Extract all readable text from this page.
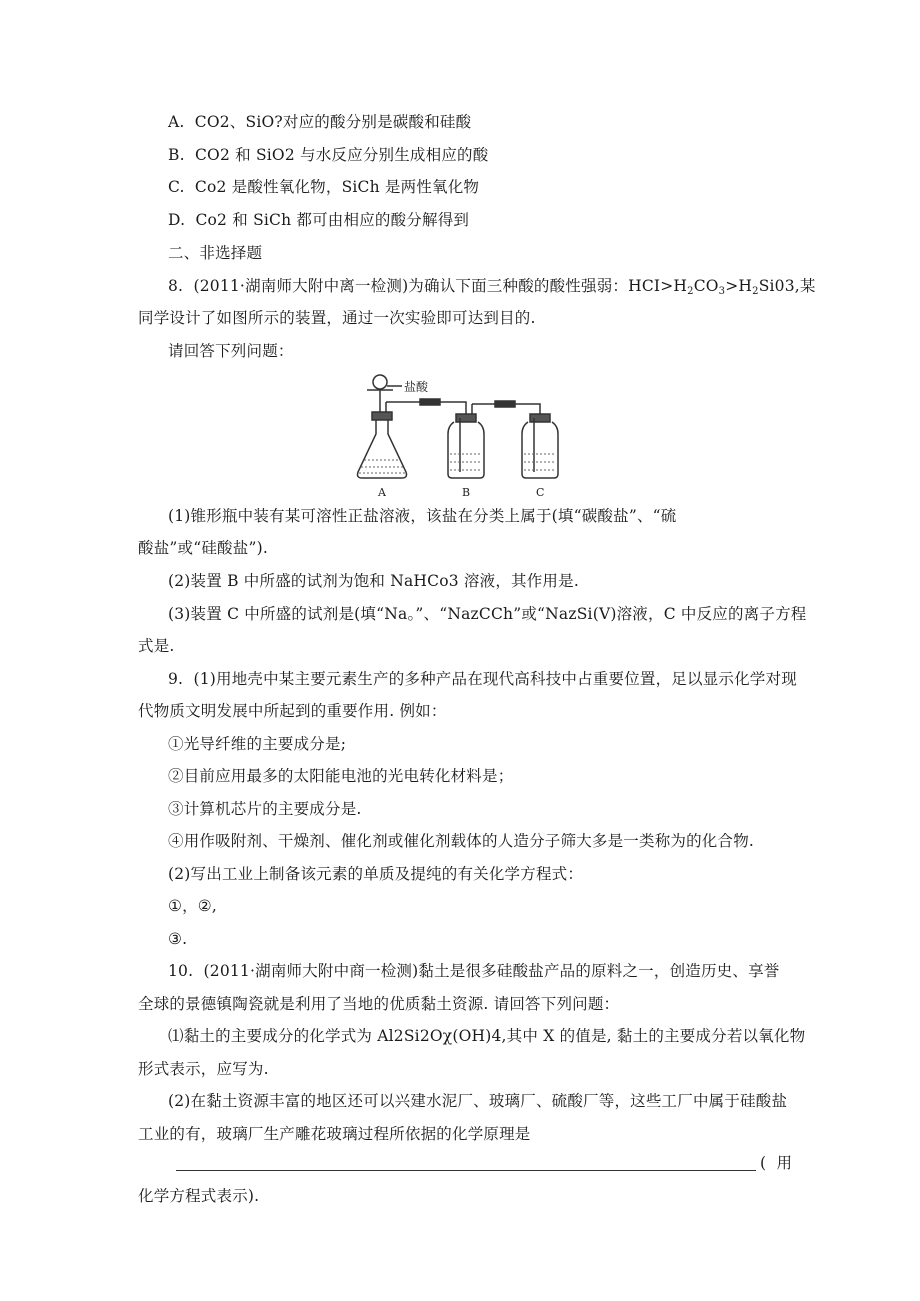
A.  CO2、SiO?对应的酸分别是碳酸和硅酸
B.  CO2 和 SiO2 与水反应分别生成相应的酸
C.  Co2 是酸性氧化物，SiCh 是两性氧化物
D.  Co2 和 SiCh 都可由相应的酸分解得到
二、非选择题
8.  (2011·湖南师大附中离一检测)为确认下面三种酸的酸性强弱：$HCI>H_2CO_3>H_2Si03$,某
同学设计了如图所示的装置，通过一次实验即可达到目的.
请回答下列问题：
盐酸
A	B	C
(1)锥形瓶中装有某可溶性正盐溶液，该盐在分类上属于(填“碳酸盐”、“硫
酸盐”或“硅酸盐”).
(2)装置 B 中所盛的试剂为饱和 NaHCo3 溶液，其作用是.
(3)装置 C 中所盛的试剂是(填“Na。”、“NazCCh”或“NazSi(V)溶液，C 中反应的离子方程
式是.
9.  (1)用地壳中某主要元素生产的多种产品在现代高科技中占重要位置，足以显示化学对现
代物质文明发展中所起到的重要作用. 例如：
①光导纤维的主要成分是;
②目前应用最多的太阳能电池的光电转化材料是；
③计算机芯片的主要成分是.
④用作吸附剂、干燥剂、催化剂或催化剂载体的人造分子筛大多是一类称为的化合物.
(2)写出工业上制备该元素的单质及提纯的有关化学方程式：
①，②,
③.
10.  (2011·湖南师大附中商一检测)黏土是很多硅酸盐产品的原料之一，创造历史、享誉
全球的景德镇陶瓷就是利用了当地的优质黏土资源. 请回答下列问题：
⑴黏土的主要成分的化学式为 Al2Si2Oχ(OH)4,其中 X 的值是, 黏土的主要成分若以氧化物
形式表示，应写为.
(2)在黏土资源丰富的地区还可以兴建水泥厂、玻璃厂、硫酸厂等，这些工厂中属于硅酸盐
工业的有，玻璃厂生产雕花玻璃过程所依据的化学原理是
(  用
化学方程式表示).
